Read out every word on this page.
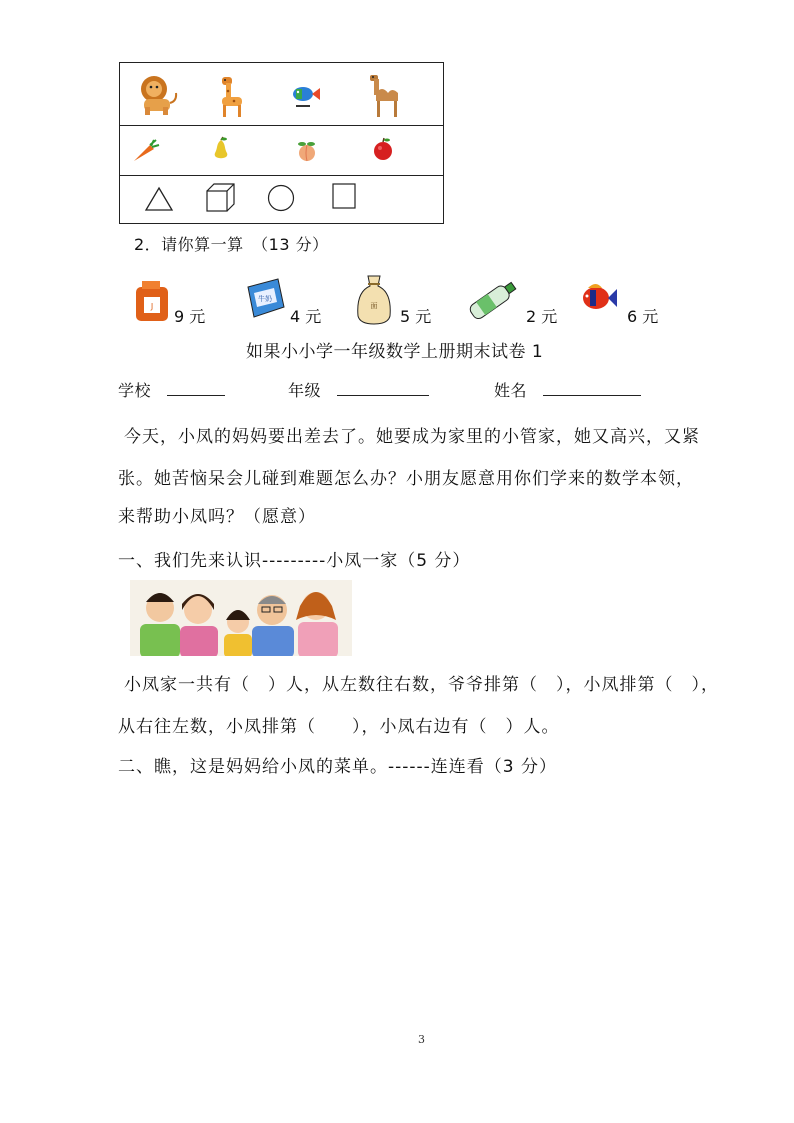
2．请你算一算　（13 分）
J
9 元
牛奶
4 元
面
5 元	2 元	6 元
如果小小学一年级数学上册期末试卷 1
学校	年级	姓名
今天，小凤的妈妈要出差去了。她要成为家里的小管家，她又高兴，又紧
张。她苦恼呆会儿碰到难题怎么办？小朋友愿意用你们学来的数学本领，
来帮助小凤吗？（愿意）
一、我们先来认识---------小凤一家（5 分）
小凤家一共有（　）人，从左数往右数，爷爷排第（　），小凤排第（　），
从右往左数，小凤排第（　　），小凤右边有（　）人。
二、瞧，这是妈妈给小凤的菜单。------连连看（3 分）
3
